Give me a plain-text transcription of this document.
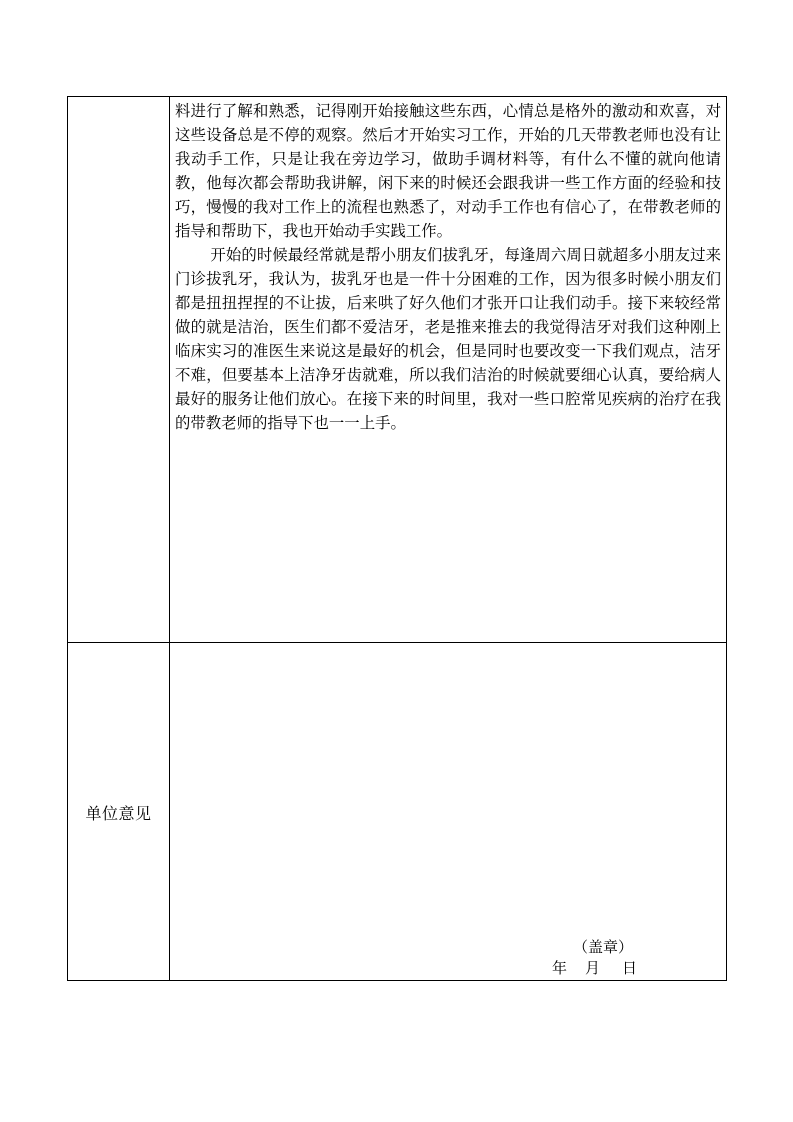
料进行了解和熟悉，记得刚开始接触这些东西，心情总是格外的激动和欢喜，对这些设备总是不停的观察。然后才开始实习工作，开始的几天带教老师也没有让我动手工作，只是让我在旁边学习，做助手调材料等，有什么不懂的就向他请教，他每次都会帮助我讲解，闲下来的时候还会跟我讲一些工作方面的经验和技巧，慢慢的我对工作上的流程也熟悉了，对动手工作也有信心了，在带教老师的指导和帮助下，我也开始动手实践工作。

开始的时候最经常就是帮小朋友们拔乳牙，每逢周六周日就超多小朋友过来门诊拔乳牙，我认为，拔乳牙也是一件十分困难的工作，因为很多时候小朋友们都是扭扭捏捏的不让拔，后来哄了好久他们才张开口让我们动手。接下来较经常做的就是洁治，医生们都不爱洁牙，老是推来推去的我觉得洁牙对我们这种刚上临床实习的准医生来说这是最好的机会，但是同时也要改变一下我们观点，洁牙不难，但要基本上洁净牙齿就难，所以我们洁治的时候就要细心认真，要给病人最好的服务让他们放心。在接下来的时间里，我对一些口腔常见疾病的治疗在我的带教老师的指导下也一一上手。

单位意见
（盖章）
年 月 日
